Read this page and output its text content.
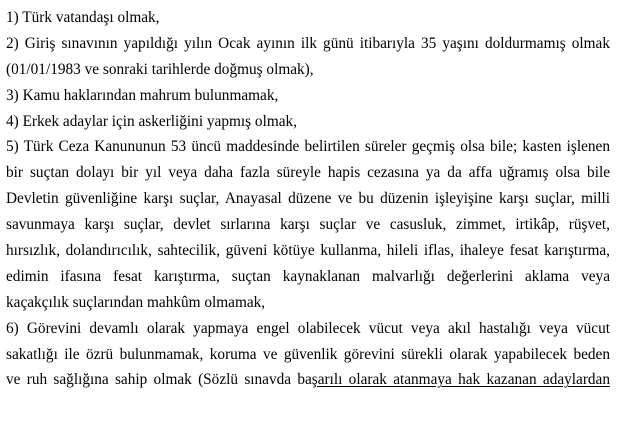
1) Türk vatandaşı olmak,
2) Giriş sınavının yapıldığı yılın Ocak ayının ilk günü itibarıyla 35 yaşını doldurmamış olmak
(01/01/1983 ve sonraki tarihlerde doğmuş olmak),
3) Kamu haklarından mahrum bulunmamak,
4) Erkek adaylar için askerliğini yapmış olmak,
5) Türk Ceza Kanununun 53 üncü maddesinde belirtilen süreler geçmiş olsa bile; kasten işlenen
bir suçtan dolayı bir yıl veya daha fazla süreyle hapis cezasına ya da affa uğramış olsa bile
Devletin güvenliğine karşı suçlar, Anayasal düzene ve bu düzenin işleyişine karşı suçlar, milli
savunmaya karşı suçlar, devlet sırlarına karşı suçlar ve casusluk, zimmet, irtikâp, rüşvet,
hırsızlık, dolandırıcılık, sahtecilik, güveni kötüye kullanma, hileli iflas, ihaleye fesat karıştırma,
edimin ifasına fesat karıştırma, suçtan kaynaklanan malvarlığı değerlerini aklama veya
kaçakçılık suçlarından mahkûm olmamak,
6) Görevini devamlı olarak yapmaya engel olabilecek vücut veya akıl hastalığı veya vücut
sakatlığı ile özrü bulunmamak, koruma ve güvenlik görevini sürekli olarak yapabilecek beden
ve ruh sağlığına sahip olmak (Sözlü sınavda başarılı olarak atanmaya hak kazanan adaylardan
